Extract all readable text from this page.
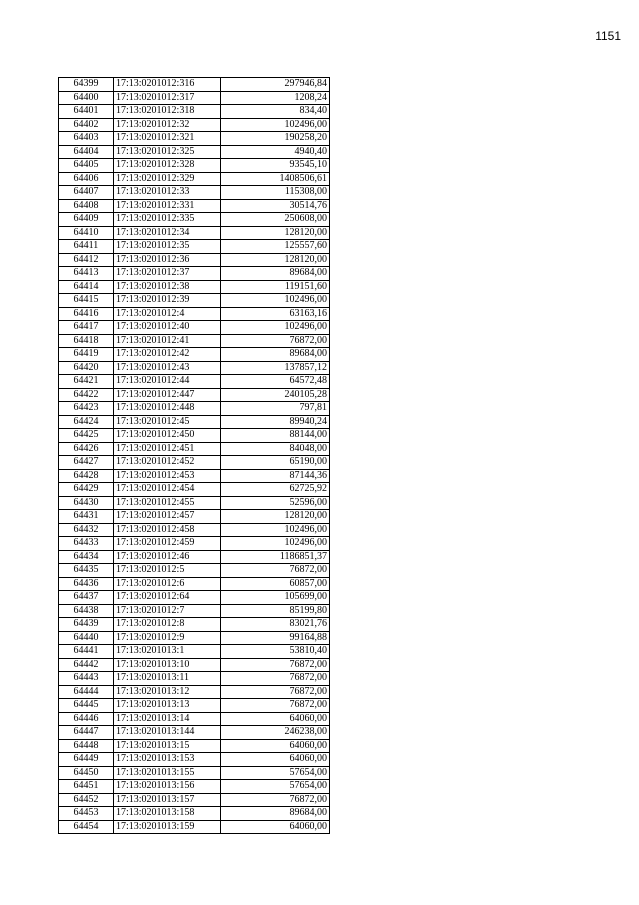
1151
64399	17:13:0201012:316	297946,84
64400	17:13:0201012:317	1208,24
64401	17:13:0201012:318	834,40
64402	17:13:0201012:32	102496,00
64403	17:13:0201012:321	190258,20
64404	17:13:0201012:325	4940,40
64405	17:13:0201012:328	93545,10
64406	17:13:0201012:329	1408506,61
64407	17:13:0201012:33	115308,00
64408	17:13:0201012:331	30514,76
64409	17:13:0201012:335	250608,00
64410	17:13:0201012:34	128120,00
64411	17:13:0201012:35	125557,60
64412	17:13:0201012:36	128120,00
64413	17:13:0201012:37	89684,00
64414	17:13:0201012:38	119151,60
64415	17:13:0201012:39	102496,00
64416	17:13:0201012:4	63163,16
64417	17:13:0201012:40	102496,00
64418	17:13:0201012:41	76872,00
64419	17:13:0201012:42	89684,00
64420	17:13:0201012:43	137857,12
64421	17:13:0201012:44	64572,48
64422	17:13:0201012:447	240105,28
64423	17:13:0201012:448	797,81
64424	17:13:0201012:45	89940,24
64425	17:13:0201012:450	88144,00
64426	17:13:0201012:451	84048,00
64427	17:13:0201012:452	65190,00
64428	17:13:0201012:453	87144,36
64429	17:13:0201012:454	62725,92
64430	17:13:0201012:455	52596,00
64431	17:13:0201012:457	128120,00
64432	17:13:0201012:458	102496,00
64433	17:13:0201012:459	102496,00
64434	17:13:0201012:46	1186851,37
64435	17:13:0201012:5	76872,00
64436	17:13:0201012:6	60857,00
64437	17:13:0201012:64	105699,00
64438	17:13:0201012:7	85199,80
64439	17:13:0201012:8	83021,76
64440	17:13:0201012:9	99164,88
64441	17:13:0201013:1	53810,40
64442	17:13:0201013:10	76872,00
64443	17:13:0201013:11	76872,00
64444	17:13:0201013:12	76872,00
64445	17:13:0201013:13	76872,00
64446	17:13:0201013:14	64060,00
64447	17:13:0201013:144	246238,00
64448	17:13:0201013:15	64060,00
64449	17:13:0201013:153	64060,00
64450	17:13:0201013:155	57654,00
64451	17:13:0201013:156	57654,00
64452	17:13:0201013:157	76872,00
64453	17:13:0201013:158	89684,00
64454	17:13:0201013:159	64060,00
